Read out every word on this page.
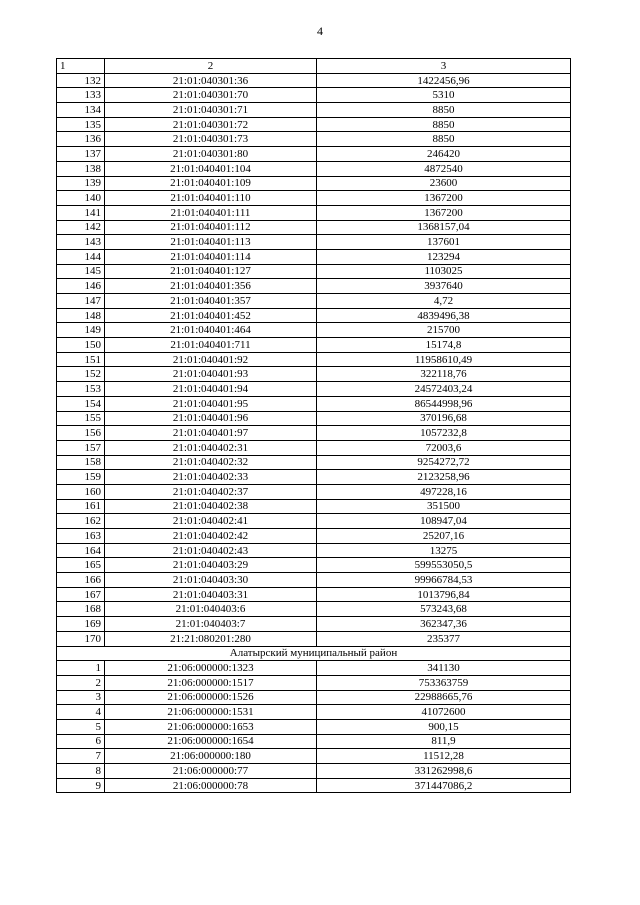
4
1	2	3
132	21:01:040301:36	1422456,96
133	21:01:040301:70	5310
134	21:01:040301:71	8850
135	21:01:040301:72	8850
136	21:01:040301:73	8850
137	21:01:040301:80	246420
138	21:01:040401:104	4872540
139	21:01:040401:109	23600
140	21:01:040401:110	1367200
141	21:01:040401:111	1367200
142	21:01:040401:112	1368157,04
143	21:01:040401:113	137601
144	21:01:040401:114	123294
145	21:01:040401:127	1103025
146	21:01:040401:356	3937640
147	21:01:040401:357	4,72
148	21:01:040401:452	4839496,38
149	21:01:040401:464	215700
150	21:01:040401:711	15174,8
151	21:01:040401:92	11958610,49
152	21:01:040401:93	322118,76
153	21:01:040401:94	24572403,24
154	21:01:040401:95	86544998,96
155	21:01:040401:96	370196,68
156	21:01:040401:97	1057232,8
157	21:01:040402:31	72003,6
158	21:01:040402:32	9254272,72
159	21:01:040402:33	2123258,96
160	21:01:040402:37	497228,16
161	21:01:040402:38	351500
162	21:01:040402:41	108947,04
163	21:01:040402:42	25207,16
164	21:01:040402:43	13275
165	21:01:040403:29	599553050,5
166	21:01:040403:30	99966784,53
167	21:01:040403:31	1013796,84
168	21:01:040403:6	573243,68
169	21:01:040403:7	362347,36
170	21:21:080201:280	235377
Алатырский муниципальный район		
1	21:06:000000:1323	341130
2	21:06:000000:1517	753363759
3	21:06:000000:1526	22988665,76
4	21:06:000000:1531	41072600
5	21:06:000000:1653	900,15
6	21:06:000000:1654	811,9
7	21:06:000000:180	11512,28
8	21:06:000000:77	331262998,6
9	21:06:000000:78	371447086,2
